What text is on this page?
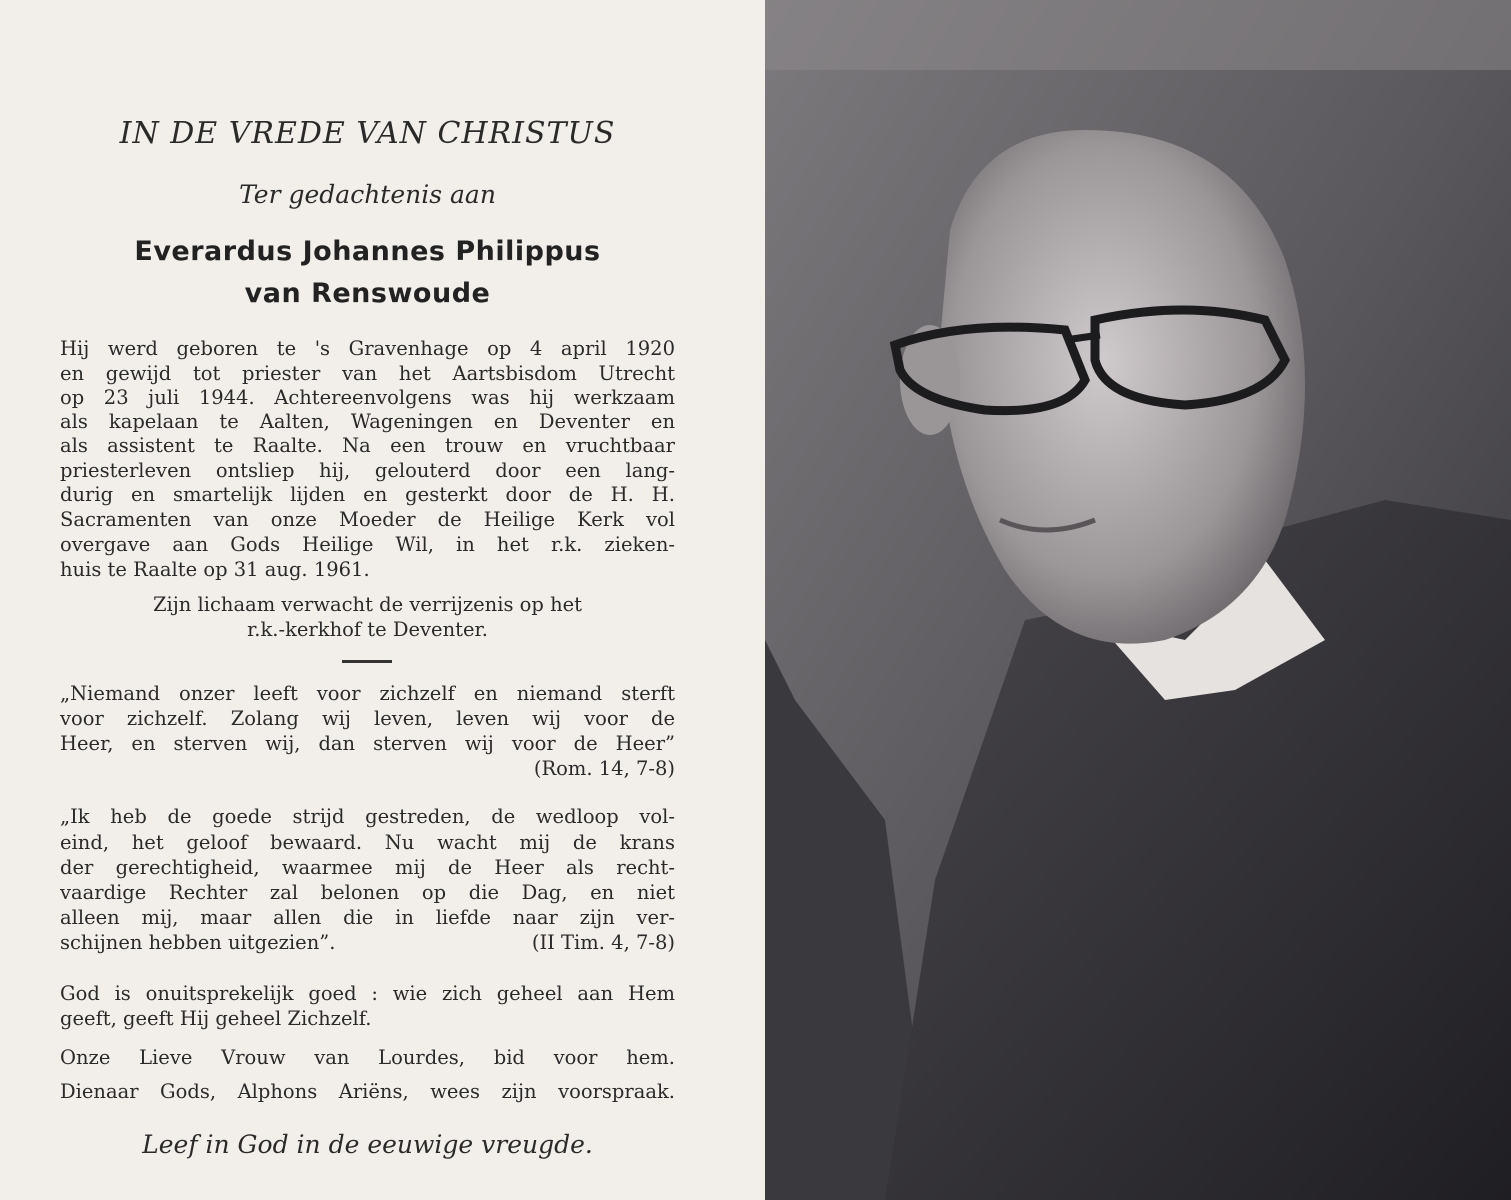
IN DE VREDE VAN CHRISTUS
Ter gedachtenis aan
Everardus Johannes Philippus
van Renswoude
Hij werd geboren te 's Gravenhage op 4 april 1920
en gewijd tot priester van het Aartsbisdom Utrecht
op 23 juli 1944. Achtereenvolgens was hij werkzaam
als kapelaan te Aalten, Wageningen en Deventer en
als assistent te Raalte. Na een trouw en vruchtbaar
priesterleven ontsliep hij, gelouterd door een lang-
durig en smartelijk lijden en gesterkt door de H. H.
Sacramenten van onze Moeder de Heilige Kerk vol
overgave aan Gods Heilige Wil, in het r.k. zieken-
huis te Raalte op 31 aug. 1961.
Zijn lichaam verwacht de verrijzenis op het
r.k.-kerkhof te Deventer.
„Niemand onzer leeft voor zichzelf en niemand sterft
voor zichzelf. Zolang wij leven, leven wij voor de
Heer, en sterven wij, dan sterven wij voor de Heer”
(Rom. 14, 7-8)
„Ik heb de goede strijd gestreden, de wedloop vol-
eind, het geloof bewaard. Nu wacht mij de krans
der gerechtigheid, waarmee mij de Heer als recht-
vaardige Rechter zal belonen op die Dag, en niet
alleen mij, maar allen die in liefde naar zijn ver-
schijnen hebben uitgezien”.	(II Tim. 4, 7-8)
God is onuitsprekelijk goed : wie zich geheel aan Hem
geeft, geeft Hij geheel Zichzelf.
Onze Lieve Vrouw van Lourdes, bid voor hem.
Dienaar Gods, Alphons Ariëns, wees zijn voorspraak.
Leef in God in de eeuwige vreugde.
